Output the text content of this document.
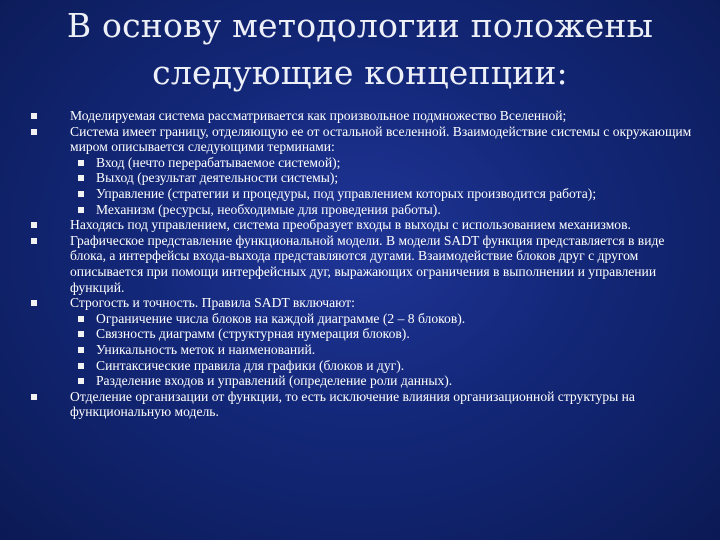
В основу методологии положены
следующие концепции:
Моделируемая система рассматривается как произвольное подмножество Вселенной;
Система имеет границу, отделяющую ее от остальной вселенной. Взаимодействие системы с окружающим миром описывается следующими терминами:
Вход (нечто перерабатываемое системой);
Выход (результат деятельности системы);
Управление (стратегии и процедуры, под управлением которых производится работа);
Механизм (ресурсы, необходимые для проведения работы).
Находясь под управлением, система преобразует входы в выходы с использованием механизмов.
Графическое представление функциональной модели. В модели SADT функция представляется в виде блока, а интерфейсы входа-выхода представляются дугами. Взаимодействие блоков друг с другом описывается при помощи интерфейсных дуг, выражающих ограничения в выполнении и управлении функций.
Строгость и точность. Правила SADT включают:
Ограничение числа блоков на каждой диаграмме (2 – 8 блоков).
Связность диаграмм (структурная нумерация блоков).
Уникальность меток и наименований.
Синтаксические правила для графики (блоков и дуг).
Разделение входов и управлений (определение роли данных).
Отделение организации от функции, то есть исключение влияния организационной структуры на функциональную модель.
